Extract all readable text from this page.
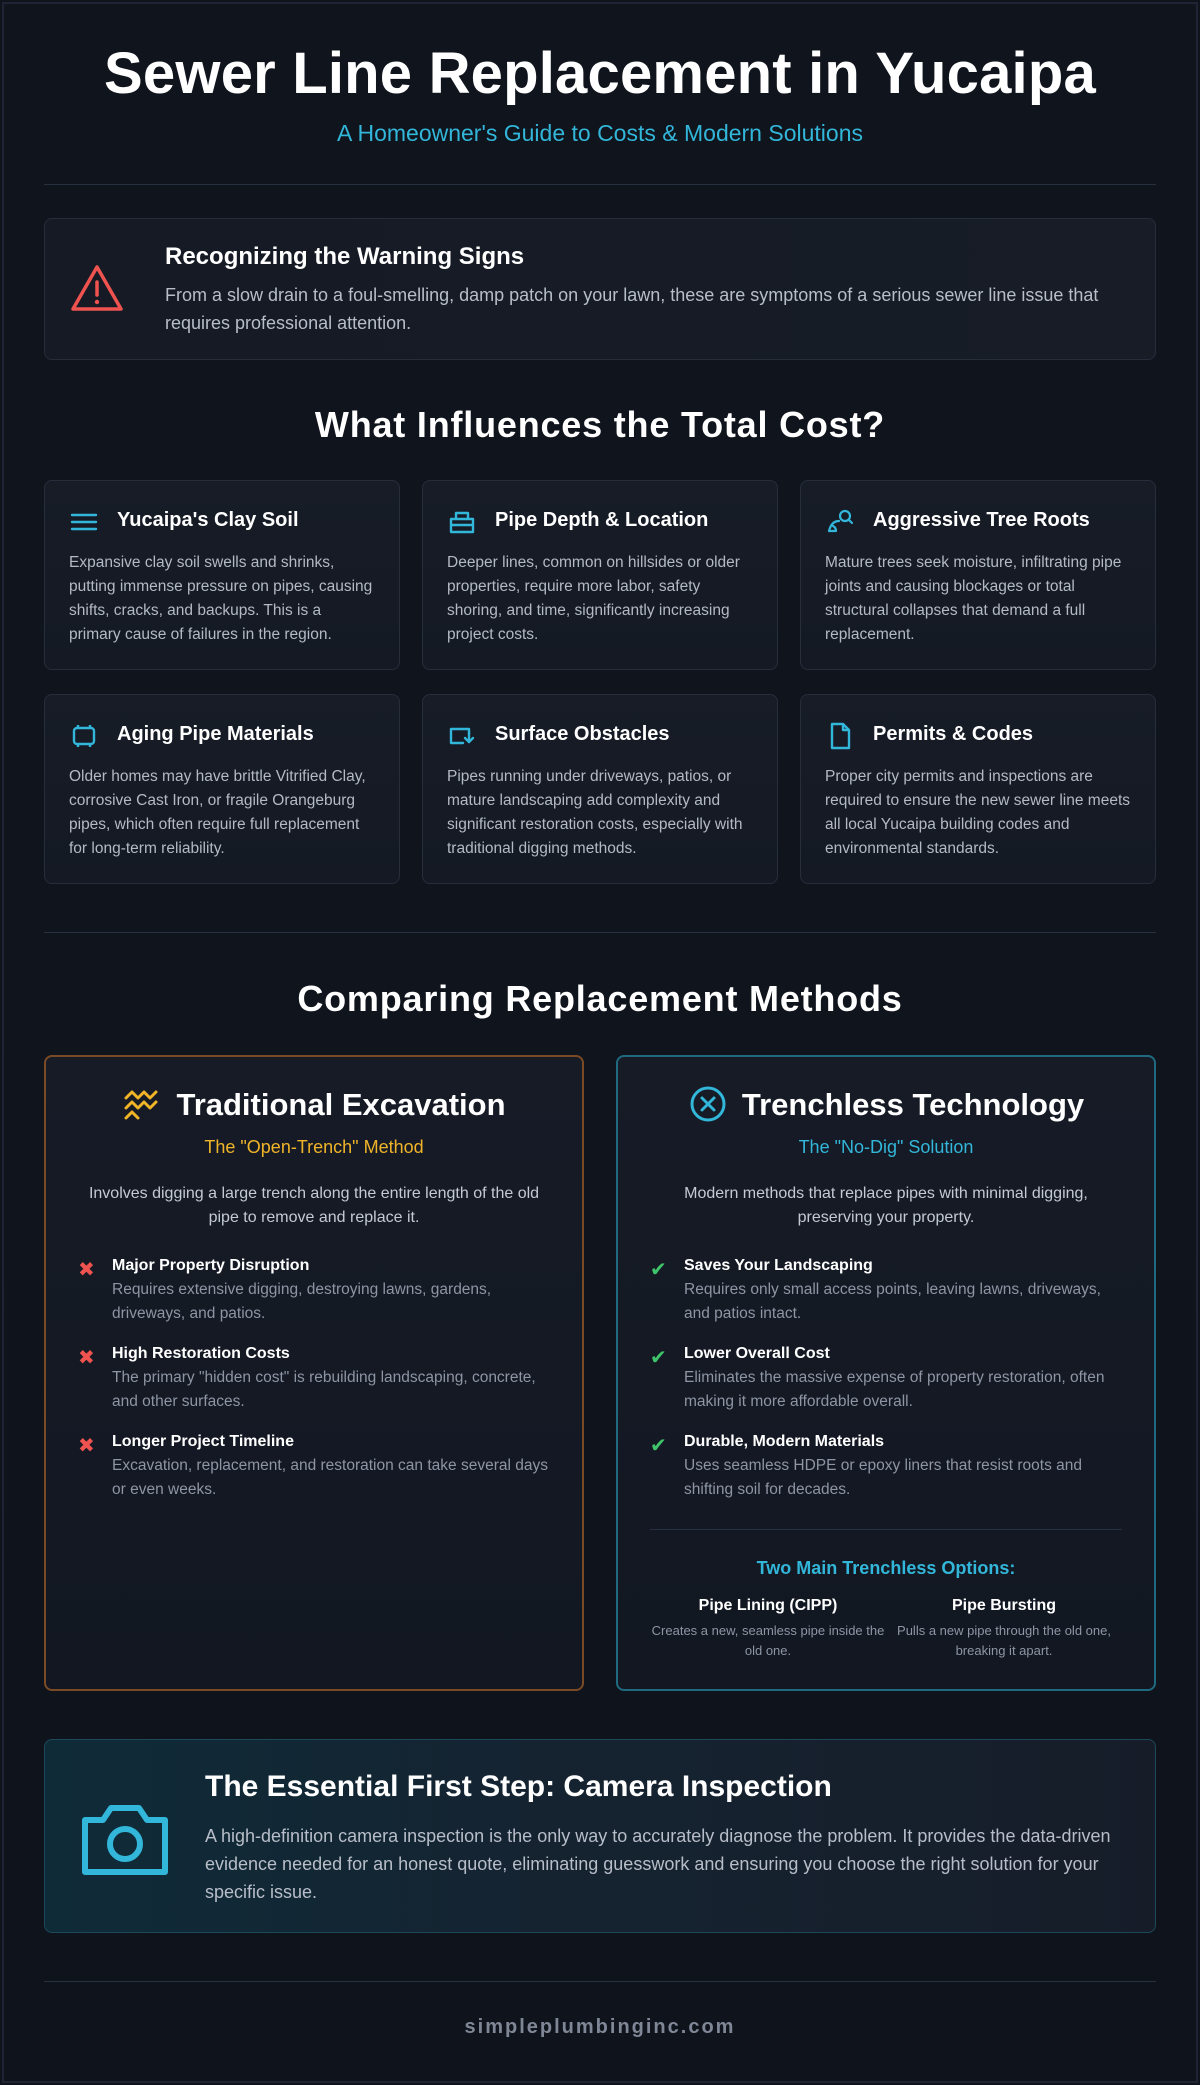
Sewer Line Replacement in Yucaipa
A Homeowner's Guide to Costs & Modern Solutions
Recognizing the Warning Signs

From a slow drain to a foul-smelling, damp patch on your lawn, these are symptoms of a serious sewer line issue that requires professional attention.

What Influences the Total Cost?
Yucaipa's Clay Soil

Expansive clay soil swells and shrinks, putting immense pressure on pipes, causing shifts, cracks, and backups. This is a primary cause of failures in the region.

Pipe Depth & Location

Deeper lines, common on hillsides or older properties, require more labor, safety shoring, and time, significantly increasing project costs.

Aggressive Tree Roots

Mature trees seek moisture, infiltrating pipe joints and causing blockages or total structural collapses that demand a full replacement.

Aging Pipe Materials

Older homes may have brittle Vitrified Clay, corrosive Cast Iron, or fragile Orangeburg pipes, which often require full replacement for long-term reliability.

Surface Obstacles

Pipes running under driveways, patios, or mature landscaping add complexity and significant restoration costs, especially with traditional digging methods.

Permits & Codes

Proper city permits and inspections are required to ensure the new sewer line meets all local Yucaipa building codes and environmental standards.

Comparing Replacement Methods
Traditional Excavation
The "Open-Trench" Method
Involves digging a large trench along the entire length of the old pipe to remove and replace it.
✖ Major Property Disruption

Requires extensive digging, destroying lawns, gardens, driveways, and patios.

✖ High Restoration Costs

The primary "hidden cost" is rebuilding landscaping, concrete, and other surfaces.

✖ Longer Project Timeline

Excavation, replacement, and restoration can take several days or even weeks.

Trenchless Technology
The "No-Dig" Solution
Modern methods that replace pipes with minimal digging, preserving your property.
✔ Saves Your Landscaping

Requires only small access points, leaving lawns, driveways, and patios intact.

✔ Lower Overall Cost

Eliminates the massive expense of property restoration, often making it more affordable overall.

✔ Durable, Modern Materials

Uses seamless HDPE or epoxy liners that resist roots and shifting soil for decades.

Two Main Trenchless Options:
Pipe Lining (CIPP)

Creates a new, seamless pipe inside the old one.

Pipe Bursting

Pulls a new pipe through the old one, breaking it apart.

The Essential First Step: Camera Inspection

A high-definition camera inspection is the only way to accurately diagnose the problem. It provides the data-driven evidence needed for an honest quote, eliminating guesswork and ensuring you choose the right solution for your specific issue.

simpleplumbinginc.com
